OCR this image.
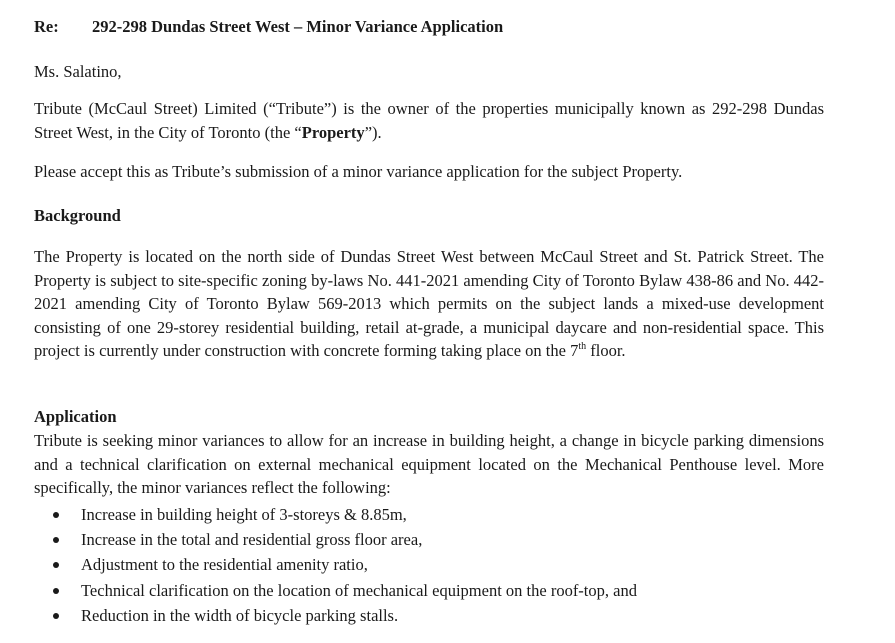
Re: 292-298 Dundas Street West – Minor Variance Application
Ms. Salatino,

Tribute (McCaul Street) Limited (“Tribute”) is the owner of the properties municipally known as 292-298 Dundas Street West, in the City of Toronto (the “Property”).

Please accept this as Tribute’s submission of a minor variance application for the subject Property.

Background

The Property is located on the north side of Dundas Street West between McCaul Street and St. Patrick Street. The Property is subject to site-specific zoning by-laws No. 441-2021 amending City of Toronto Bylaw 438-86 and No. 442-2021 amending City of Toronto Bylaw 569-2013 which permits on the subject lands a mixed-use development consisting of one 29-storey residential building, retail at-grade, a municipal daycare and non-residential space. This project is currently under construction with concrete forming taking place on the 7th floor.

Application

Tribute is seeking minor variances to allow for an increase in building height, a change in bicycle parking dimensions and a technical clarification on external mechanical equipment located on the Mechanical Penthouse level. More specifically, the minor variances reflect the following:

Increase in building height of 3-storeys & 8.85m,
Increase in the total and residential gross floor area,
Adjustment to the residential amenity ratio,
Technical clarification on the location of mechanical equipment on the roof-top, and
Reduction in the width of bicycle parking stalls.
